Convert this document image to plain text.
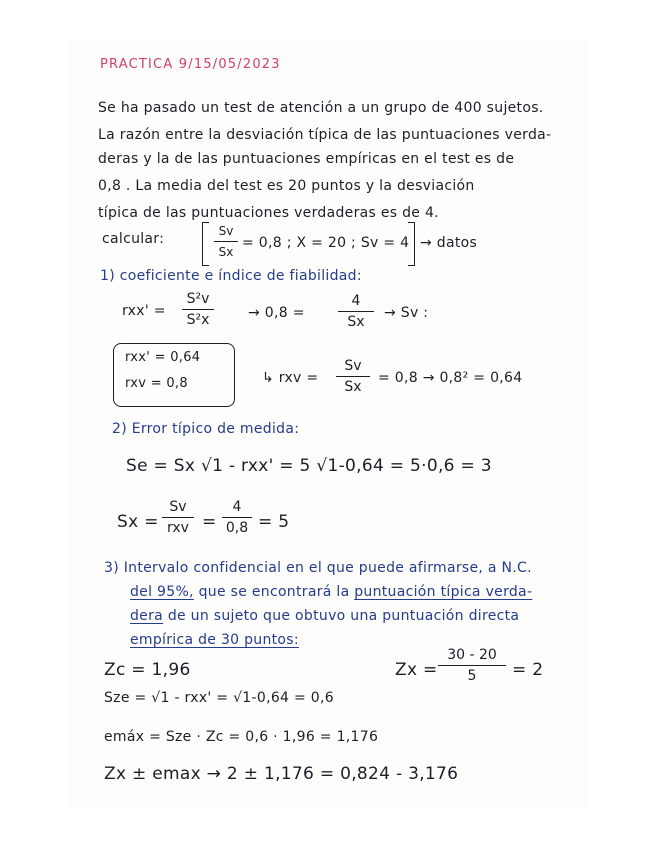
PRACTICA 9/15/05/2023
Se ha pasado un test de atención a un grupo de 400 sujetos.
La razón entre la desviación típica de las puntuaciones verda-
deras y la de las puntuaciones empíricas en el test es de
0,8 . La media del test es 20 puntos y la desviación
típica de las puntuaciones verdaderas es de 4.
calcular:	Sv
Sx
= 0,8 ; X = 20 ; Sv = 4 → datos
1) coeficiente e índice de fiabilidad:
rxx' =
S²v
S²x	→ 0,8 =
4
Sx
→ Sv :
rxx' = 0,64
rxv = 0,8	↳ rxv =
Sv
Sx
= 0,8 → 0,8² = 0,64
2) Error típico de medida:
Se = Sx √1 - rxx' = 5 √1-0,64 = 5·0,6 = 3
Sx =
Sv
rxv =
4
0,8 = 5
3) Intervalo confidencial en el que puede afirmarse, a N.C.
del 95%, que se encontrará la puntuación típica verda-
dera de un sujeto que obtuvo una puntuación directa
empírica de 30 puntos:
Zc = 1,96	Zx =
30 - 20
5	= 2
Sze = √1 - rxx' = √1-0,64 = 0,6
emáx = Sze · Zc = 0,6 · 1,96 = 1,176
Zx ± emax → 2 ± 1,176 = 0,824 - 3,176
